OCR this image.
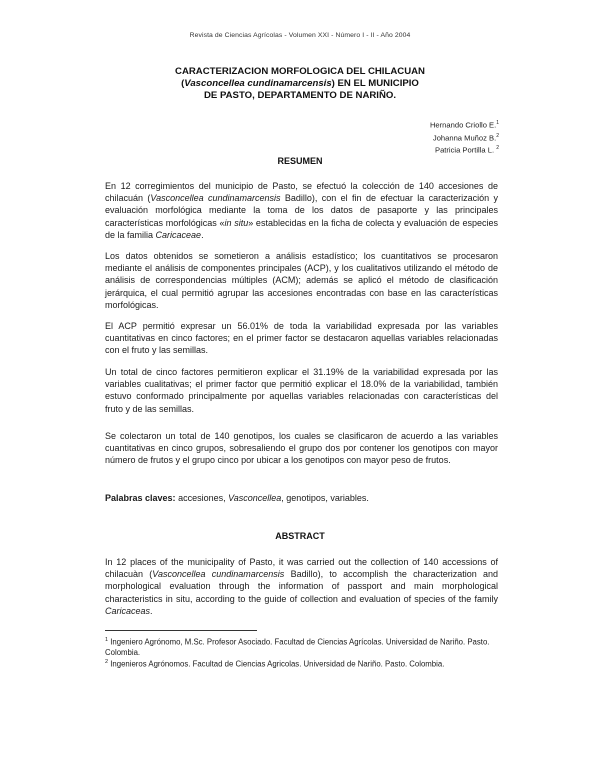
Revista de Ciencias Agrícolas - Volumen XXI - Número I - II - Año 2004
CARACTERIZACION MORFOLOGICA DEL CHILACUAN
(Vasconcellea cundinamarcensis) EN EL MUNICIPIO
DE PASTO, DEPARTAMENTO DE NARIÑO.
Hernando Criollo E.$^1$
Johanna Muñoz B.$^2$
Patricia Portilla L. $^2$
RESUMEN

En 12 corregimientos del municipio de Pasto, se efectuó la colección de 140 accesiones de chilacuán (Vasconcellea cundinamarcensis Badillo), con el fin de efectuar la caracterización y evaluación morfológica mediante la toma de los datos de pasaporte y las principales características morfológicas «in situ» establecidas en la ficha de colecta y evaluación de especies de la familia Caricaceae.

Los datos obtenidos se sometieron a análisis estadístico; los cuantitativos se procesaron mediante el análisis de componentes principales (ACP), y los cualitativos utilizando el método de análisis de correspondencias múltiples (ACM); además se aplicó el método de clasificación jerárquica, el cual permitió agrupar las accesiones encontradas con base en las características morfológicas.

El ACP permitió expresar un 56.01% de toda la variabilidad expresada por las variables cuantitativas en cinco factores; en el primer factor se destacaron aquellas variables relacionadas con el fruto y las semillas.

Un total de cinco factores permitieron explicar el 31.19% de la variabilidad expresada por las variables cualitativas; el primer factor que permitió explicar el 18.0% de la variabilidad, también estuvo conformado principalmente por aquellas variables relacionadas con características del fruto y de las semillas.

Se colectaron un total de 140 genotipos, los cuales se clasificaron de acuerdo a las variables cuantitativas en cinco grupos, sobresaliendo el grupo dos por contener los genotipos con mayor número de frutos y el grupo cinco por ubicar a los genotipos con mayor peso de frutos.

Palabras claves: accesiones, Vasconcellea, genotipos, variables.

ABSTRACT

In 12 places of the municipality of Pasto, it was carried out the collection of 140 accessions of chilacuàn (Vasconcellea cundinamarcensis Badillo), to accomplish the characterization and morphological evaluation through the information of passport and main morphological characteristics in situ, according to the guide of collection and evaluation of species of the family Caricaceas.

$^1$ Ingeniero Agrónomo, M.Sc. Profesor Asociado. Facultad de Ciencias Agrícolas. Universidad de Nariño. Pasto. Colombia.

$^2$ Ingenieros Agrónomos. Facultad de Ciencias Agricolas. Universidad de Nariño. Pasto. Colombia.
